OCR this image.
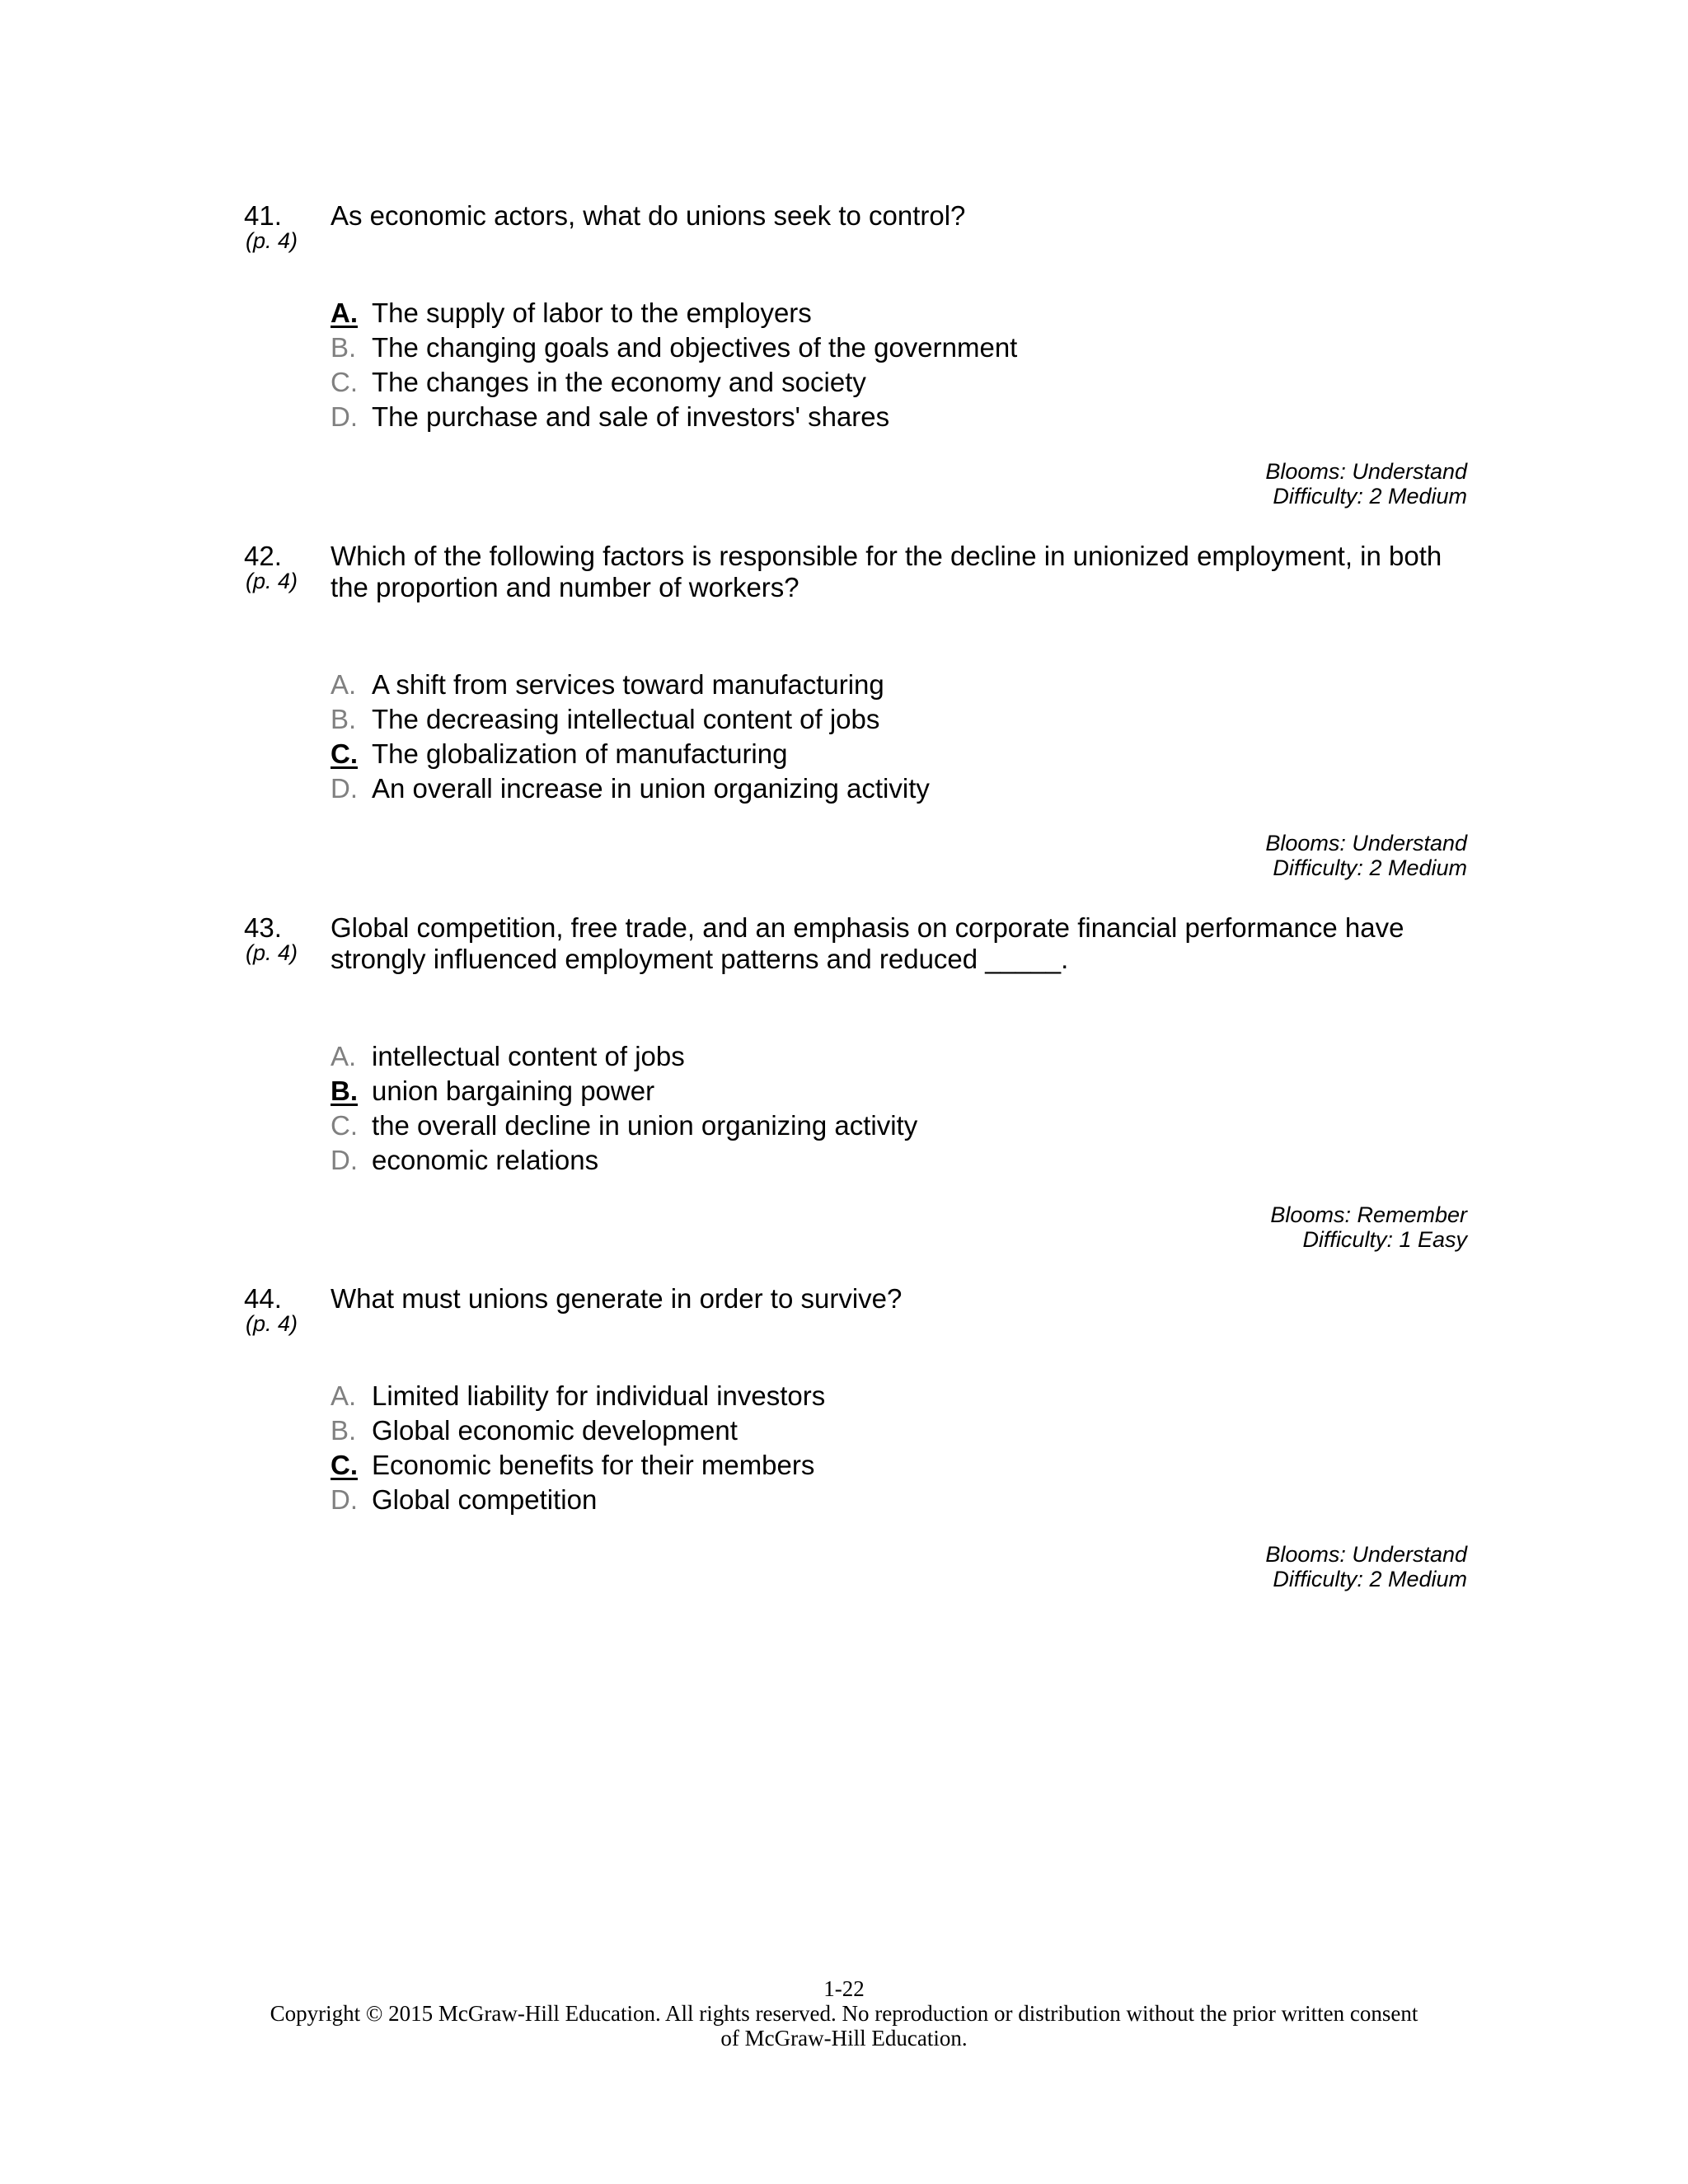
41.
(p. 4)
As economic actors, what do unions seek to control?
A. The supply of labor to the employers
B. The changing goals and objectives of the government
C. The changes in the economy and society
D. The purchase and sale of investors' shares
Blooms: Understand
Difficulty: 2 Medium
42.
(p. 4)
Which of the following factors is responsible for the decline in unionized employment, in both the proportion and number of workers?
A. A shift from services toward manufacturing
B. The decreasing intellectual content of jobs
C. The globalization of manufacturing
D. An overall increase in union organizing activity
Blooms: Understand
Difficulty: 2 Medium
43.
(p. 4)
Global competition, free trade, and an emphasis on corporate financial performance have strongly influenced employment patterns and reduced _____.
A. intellectual content of jobs
B. union bargaining power
C. the overall decline in union organizing activity
D. economic relations
Blooms: Remember
Difficulty: 1 Easy
44.
(p. 4)
What must unions generate in order to survive?
A. Limited liability for individual investors
B. Global economic development
C. Economic benefits for their members
D. Global competition
Blooms: Understand
Difficulty: 2 Medium
1-22
Copyright © 2015 McGraw-Hill Education. All rights reserved. No reproduction or distribution without the prior written consent of McGraw-Hill Education.
